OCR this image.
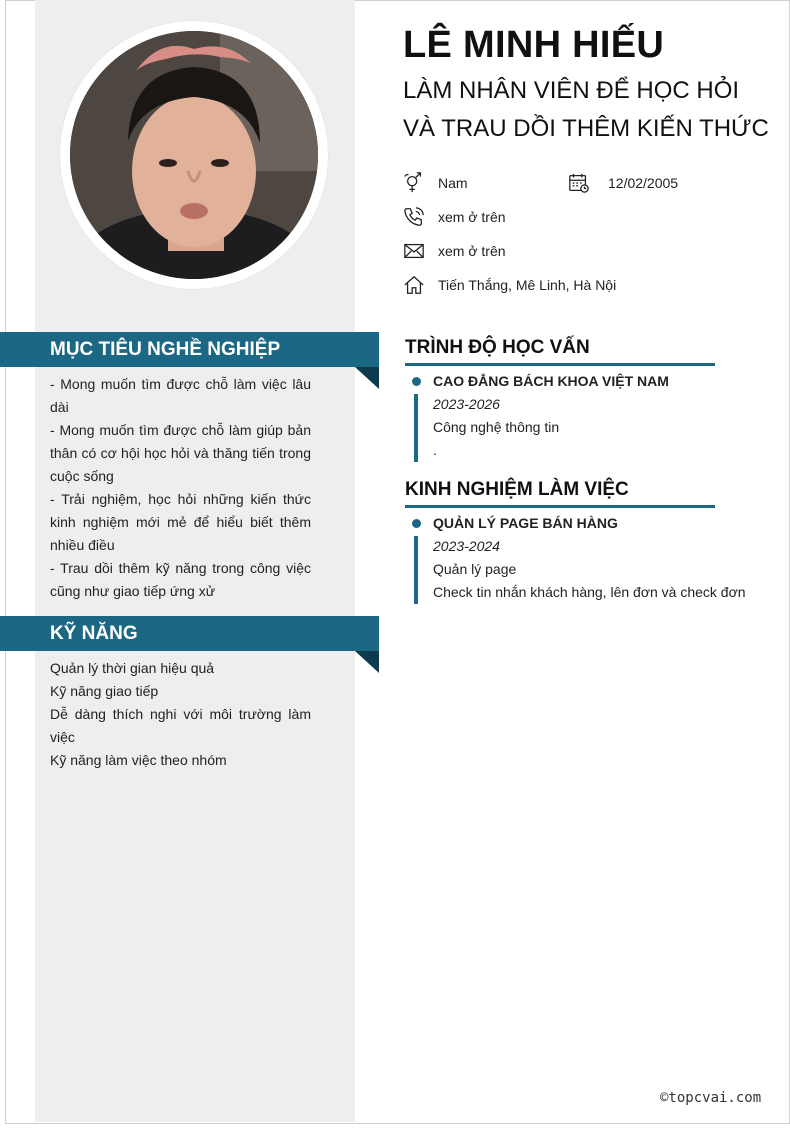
MỤC TIÊU NGHỀ NGHIỆP

- Mong muốn tìm được chỗ làm việc lâu dài

- Mong muốn tìm được chỗ làm giúp bản thân có cơ hội học hỏi và thăng tiến trong cuộc sống

- Trải nghiệm, học hỏi những kiến thức kinh nghiệm mới mẻ để hiểu biết thêm nhiều điều

- Trau dồi thêm kỹ năng trong công việc cũng như giao tiếp ứng xử

KỸ NĂNG

Quản lý thời gian hiệu quả

Kỹ năng giao tiếp

Dễ dàng thích nghi với môi trường làm việc

Kỹ năng làm việc theo nhóm

LÊ MINH HIẾU
LÀM NHÂN VIÊN ĐỂ HỌC HỎI
VÀ TRAU DỒI THÊM KIẾN THỨC
Nam	12/02/2005
xem ở trên
xem ở trên
Tiến Thắng, Mê Linh, Hà Nội
TRÌNH ĐỘ HỌC VẤN
CAO ĐẲNG BÁCH KHOA VIỆT NAM
2023-2026
Công nghệ thông tin
.
KINH NGHIỆM LÀM VIỆC
QUẢN LÝ PAGE BÁN HÀNG
2023-2024
Quản lý page
Check tin nhắn khách hàng, lên đơn và check đơn
©topcvai.com
